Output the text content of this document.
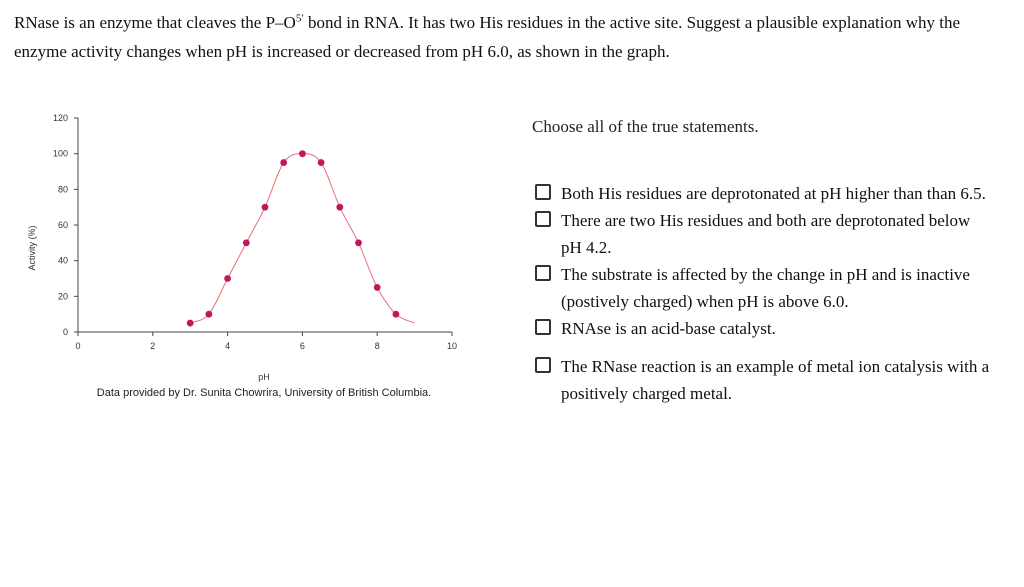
RNase is an enzyme that cleaves the $P-O^{5'}$ bond in RNA. It has two His residues in the active site. Suggest a plausible explanation why the enzyme activity changes when pH is increased or decreased from pH 6.0, as shown in the graph.
0
20
40
60
80
100
120
0	2	4	6	8	10
Activity (%)
pH
Data provided by Dr. Sunita Chowrira, University of British Columbia.
Choose all of the true statements.
Both His residues are deprotonated at pH higher than than 6.5.
There are two His residues and both are deprotonated below pH 4.2.
The substrate is affected by the change in pH and is inactive (postively charged) when pH is above 6.0.
RNAse is an acid-base catalyst.
The RNase reaction is an example of metal ion catalysis with a positively charged metal.
